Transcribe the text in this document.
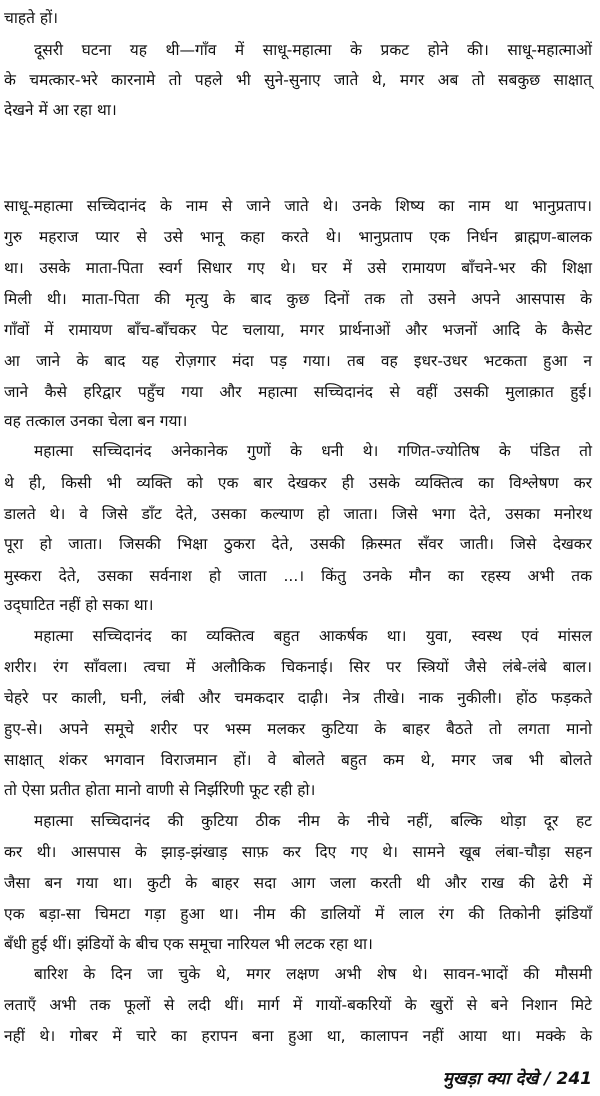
चाहते हों।
दूसरी घटना यह थी—गाँव में साधू-महात्मा के प्रकट होने की। साधू-महात्माओं
के चमत्कार-भरे कारनामे तो पहले भी सुने-सुनाए जाते थे, मगर अब तो सबकुछ साक्षात्
देखने में आ रहा था।
साधू-महात्मा सच्चिदानंद के नाम से जाने जाते थे। उनके शिष्य का नाम था भानुप्रताप।
गुरु महराज प्यार से उसे भानू कहा करते थे। भानुप्रताप एक निर्धन ब्राह्मण-बालक
था। उसके माता-पिता स्वर्ग सिधार गए थे। घर में उसे रामायण बाँचने-भर की शिक्षा
मिली थी। माता-पिता की मृत्यु के बाद कुछ दिनों तक तो उसने अपने आसपास के
गाँवों में रामायण बाँच-बाँचकर पेट चलाया, मगर प्रार्थनाओं और भजनों आदि के कैसेट
आ जाने के बाद यह रोज़गार मंदा पड़ गया। तब वह इधर-उधर भटकता हुआ न
जाने कैसे हरिद्वार पहुँच गया और महात्मा सच्चिदानंद से वहीं उसकी मुलाक़ात हुई।
वह तत्काल उनका चेला बन गया।
महात्मा सच्चिदानंद अनेकानेक गुणों के धनी थे। गणित-ज्योतिष के पंडित तो
थे ही, किसी भी व्यक्ति को एक बार देखकर ही उसके व्यक्तित्व का विश्लेषण कर
डालते थे। वे जिसे डाँट देते, उसका कल्याण हो जाता। जिसे भगा देते, उसका मनोरथ
पूरा हो जाता। जिसकी भिक्षा ठुकरा देते, उसकी क़िस्मत सँवर जाती। जिसे देखकर
मुस्करा देते, उसका सर्वनाश हो जाता ...। किंतु उनके मौन का रहस्य अभी तक
उद्‌घाटित नहीं हो सका था।
महात्मा सच्चिदानंद का व्यक्तित्व बहुत आकर्षक था। युवा, स्वस्थ एवं मांसल
शरीर। रंग साँवला। त्वचा में अलौकिक चिकनाई। सिर पर स्त्रियों जैसे लंबे-लंबे बाल।
चेहरे पर काली, घनी, लंबी और चमकदार दाढ़ी। नेत्र तीखे। नाक नुकीली। होंठ फड़कते
हुए-से। अपने समूचे शरीर पर भस्म मलकर कुटिया के बाहर बैठते तो लगता मानो
साक्षात् शंकर भगवान विराजमान हों। वे बोलते बहुत कम थे, मगर जब भी बोलते
तो ऐसा प्रतीत होता मानो वाणी से निर्झरिणी फूट रही हो।
महात्मा सच्चिदानंद की कुटिया ठीक नीम के नीचे नहीं, बल्कि थोड़ा दूर हट
कर थी। आसपास के झाड़-झंखाड़ साफ़ कर दिए गए थे। सामने खूब लंबा-चौड़ा सहन
जैसा बन गया था। कुटी के बाहर सदा आग जला करती थी और राख की ढेरी में
एक बड़ा-सा चिमटा गड़ा हुआ था। नीम की डालियों में लाल रंग की तिकोनी झंडियाँ
बँधी हुई थीं। झंडियों के बीच एक समूचा नारियल भी लटक रहा था।
बारिश के दिन जा चुके थे, मगर लक्षण अभी शेष थे। सावन-भादों की मौसमी
लताएँ अभी तक फूलों से लदी थीं। मार्ग में गायों-बकरियों के खुरों से बने निशान मिटे
नहीं थे। गोबर में चारे का हरापन बना हुआ था, कालापन नहीं आया था। मक्के के
मुखड़ा क्या देखे / 241
